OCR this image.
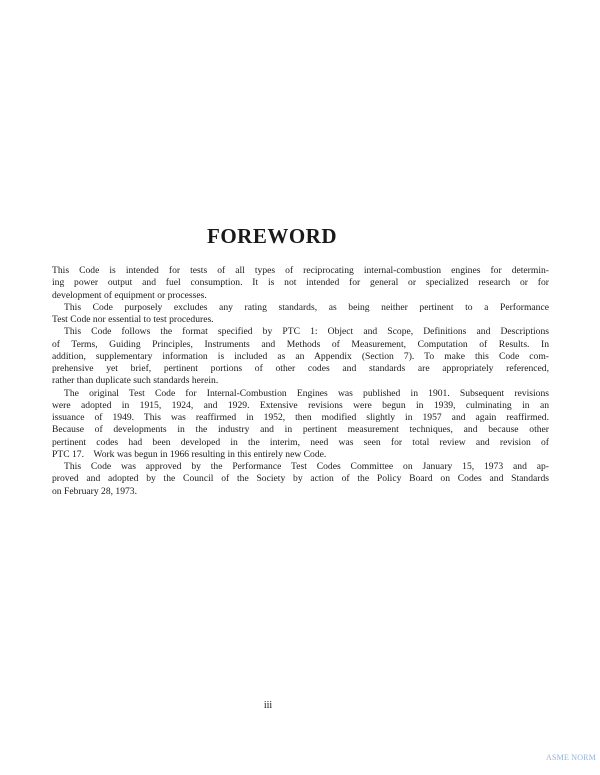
FOREWORD
This Code is intended for tests of all types of reciprocating internal-combustion engines for determin-
ing power output and fuel consumption. It is not intended for general or specialized research or for
development of equipment or processes.
This Code purposely excludes any rating standards, as being neither pertinent to a Performance
Test Code nor essential to test procedures.
This Code follows the format specified by PTC 1: Object and Scope, Definitions and Descriptions
of Terms, Guiding Principles, Instruments and Methods of Measurement, Computation of Results. In
addition, supplementary information is included as an Appendix (Section 7). To make this Code com-
prehensive yet brief, pertinent portions of other codes and standards are appropriately referenced,
rather than duplicate such standards herein.
The original Test Code for Internal-Combustion Engines was published in 1901. Subsequent revisions
were adopted in 1915, 1924, and 1929. Extensive revisions were begun in 1939, culminating in an
issuance of 1949. This was reaffirmed in 1952, then modified slightly in 1957 and again reaffirmed.
Because of developments in the industry and in pertinent measurement techniques, and because other
pertinent codes had been developed in the interim, need was seen for total review and revision of
PTC 17.    Work was begun in 1966 resulting in this entirely new Code.
This Code was approved by the Performance Test Codes Committee on January 15, 1973 and ap-
proved and adopted by the Council of the Society by action of the Policy Board on Codes and Standards
on February 28, 1973.
iii
ASME NORM
